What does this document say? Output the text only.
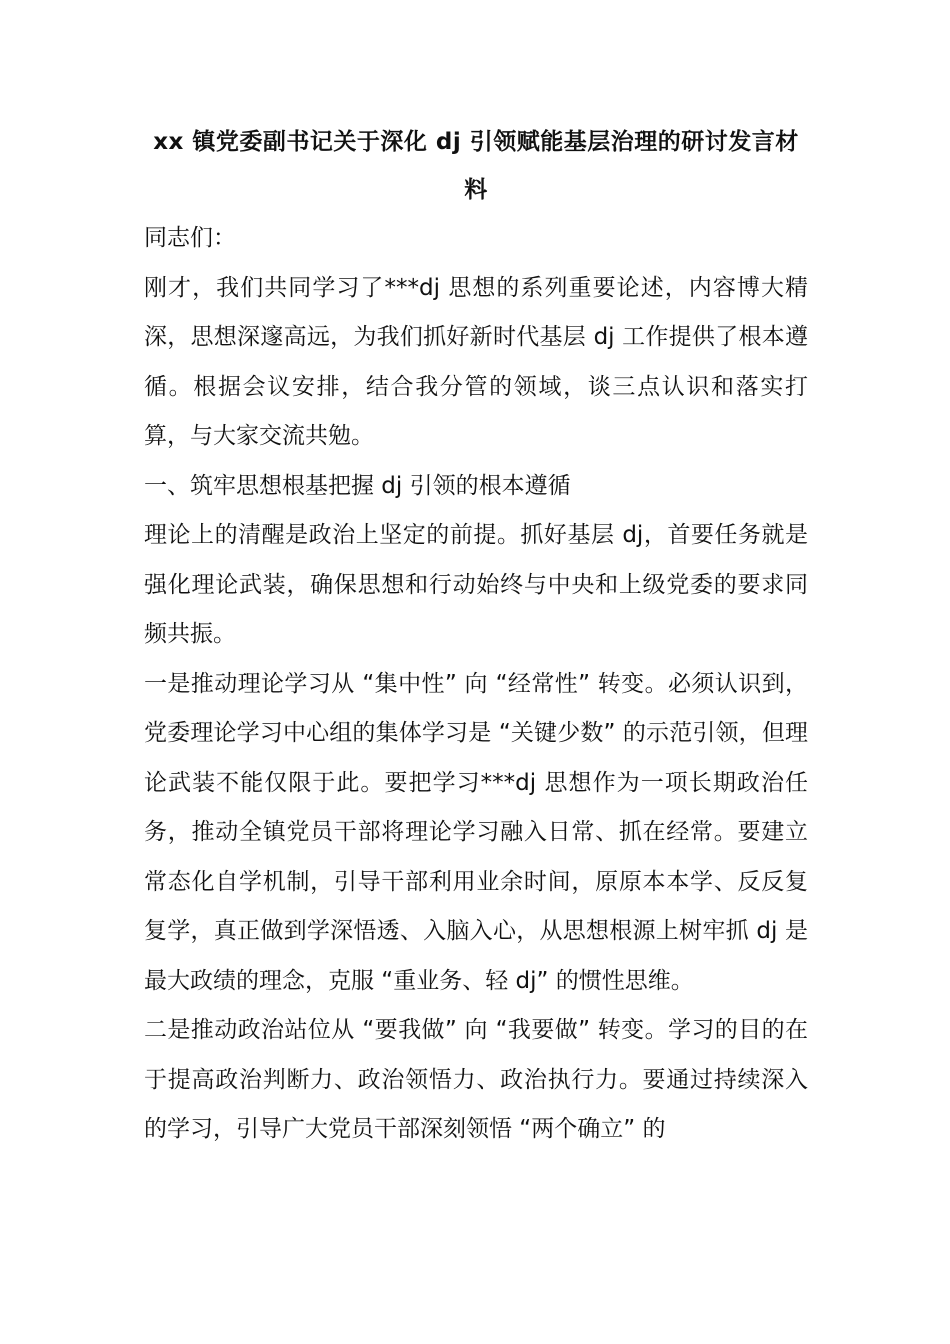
xx 镇党委副书记关于深化 dj 引领赋能基层治理的研讨发言材料

同志们：

刚才，我们共同学习了***dj 思想的系列重要论述，内容博大精深，思想深邃高远，为我们抓好新时代基层 dj 工作提供了根本遵循。根据会议安排，结合我分管的领域，谈三点认识和落实打算，与大家交流共勉。

一、筑牢思想根基把握 dj 引领的根本遵循

理论上的清醒是政治上坚定的前提。抓好基层 dj，首要任务就是强化理论武装，确保思想和行动始终与中央和上级党委的要求同频共振。

一是推动理论学习从 “集中性” 向 “经常性” 转变。必须认识到，党委理论学习中心组的集体学习是 “关键少数” 的示范引领，但理论武装不能仅限于此。要把学习***dj 思想作为一项长期政治任务，推动全镇党员干部将理论学习融入日常、抓在经常。要建立常态化自学机制，引导干部利用业余时间，原原本本学、反反复复学，真正做到学深悟透、入脑入心，从思想根源上树牢抓 dj 是最大政绩的理念，克服 “重业务、轻 dj” 的惯性思维。

二是推动政治站位从 “要我做” 向 “我要做” 转变。学习的目的在于提高政治判断力、政治领悟力、政治执行力。要通过持续深入的学习，引导广大党员干部深刻领悟 “两个确立” 的
